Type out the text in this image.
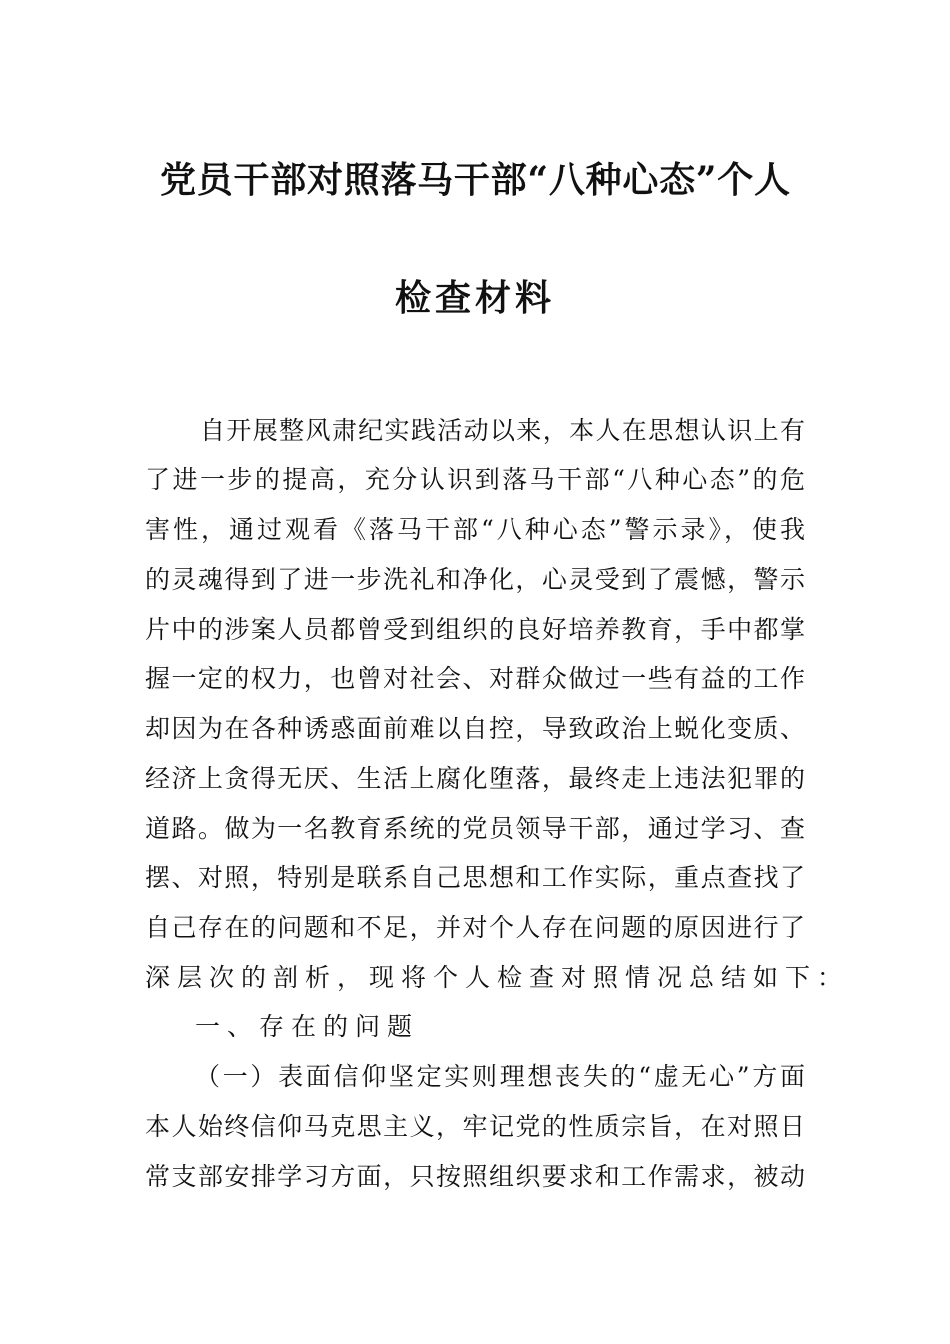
党员干部对照落马干部“八种心态”个人
检查材料
自开展整风肃纪实践活动以来，本人在思想认识上有
了进一步的提高，充分认识到落马干部“八种心态”的危
害性，通过观看《落马干部“八种心态”警示录》，使我
的灵魂得到了进一步洗礼和净化，心灵受到了震憾，警示
片中的涉案人员都曾受到组织的良好培养教育，手中都掌
握一定的权力，也曾对社会、对群众做过一些有益的工作
却因为在各种诱惑面前难以自控，导致政治上蜕化变质、
经济上贪得无厌、生活上腐化堕落，最终走上违法犯罪的
道路。做为一名教育系统的党员领导干部，通过学习、查
摆、对照，特别是联系自己思想和工作实际，重点查找了
自己存在的问题和不足，并对个人存在问题的原因进行了
深层次的剖析，现将个人检查对照情况总结如下：
一、存在的问题
（一）表面信仰坚定实则理想丧失的“虚无心”方面
本人始终信仰马克思主义，牢记党的性质宗旨，在对照日
常支部安排学习方面，只按照组织要求和工作需求，被动
